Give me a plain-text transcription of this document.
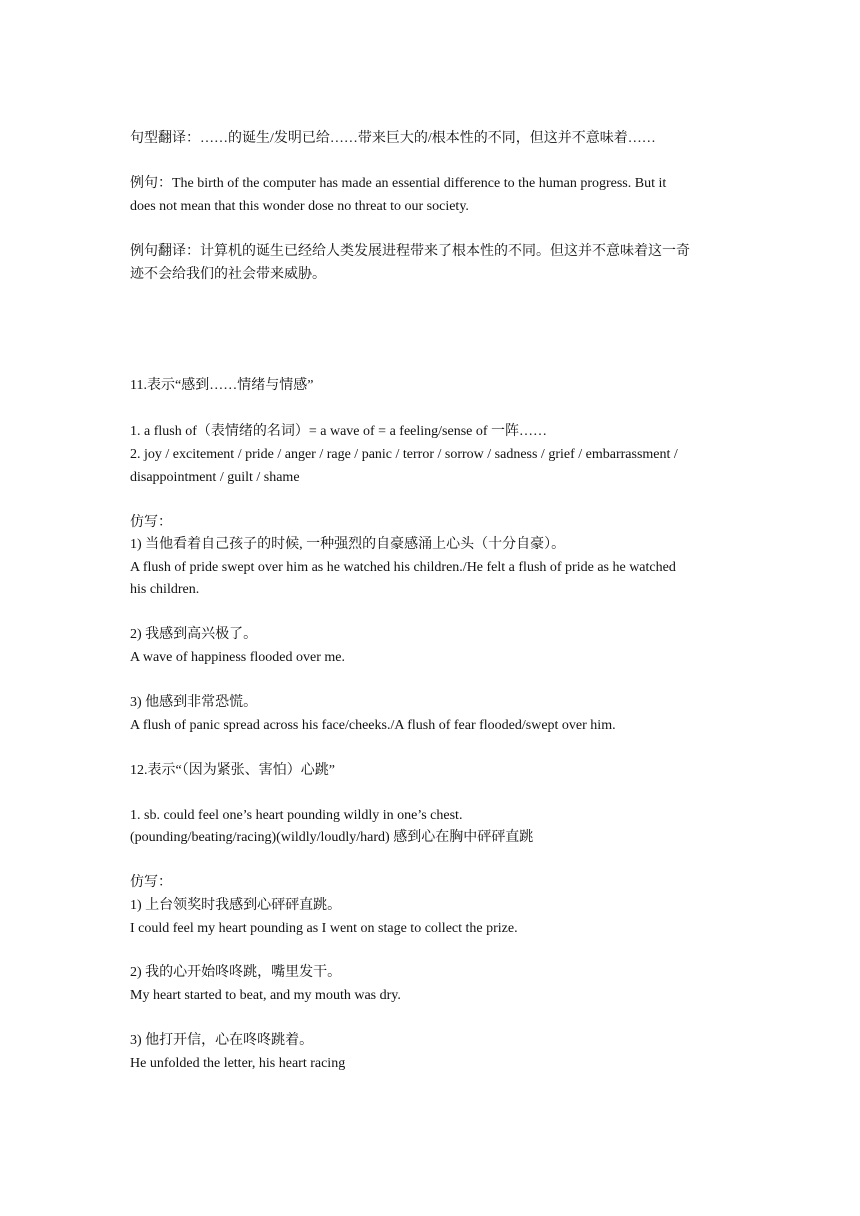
句型翻译：……的诞生/发明已给……带来巨大的/根本性的不同，但这并不意味着……
例句：The birth of the computer has made an essential difference to the human progress. But it
does not mean that this wonder dose no threat to our society.
例句翻译：计算机的诞生已经给人类发展进程带来了根本性的不同。但这并不意味着这一奇
迹不会给我们的社会带来威胁。
11.表示“感到……情绪与情感”
1. a flush of（表情绪的名词）= a wave of = a feeling/sense of 一阵……
2. joy / excitement / pride / anger / rage / panic / terror / sorrow / sadness / grief / embarrassment /
disappointment / guilt / shame
仿写：
1) 当他看着自己孩子的时候, 一种强烈的自豪感涌上心头（十分自豪）。
A flush of pride swept over him as he watched his children./He felt a flush of pride as he watched
his children.
2) 我感到高兴极了。
A wave of happiness flooded over me.
3) 他感到非常恐慌。
A flush of panic spread across his face/cheeks./A flush of fear flooded/swept over him.
12.表示“（因为紧张、害怕）心跳”
1. sb. could feel one’s heart pounding wildly in one’s chest.
(pounding/beating/racing)(wildly/loudly/hard) 感到心在胸中砰砰直跳
仿写：
1) 上台领奖时我感到心砰砰直跳。
I could feel my heart pounding as I went on stage to collect the prize.
2) 我的心开始咚咚跳，嘴里发干。
My heart started to beat, and my mouth was dry.
3) 他打开信，心在咚咚跳着。
He unfolded the letter, his heart racing
